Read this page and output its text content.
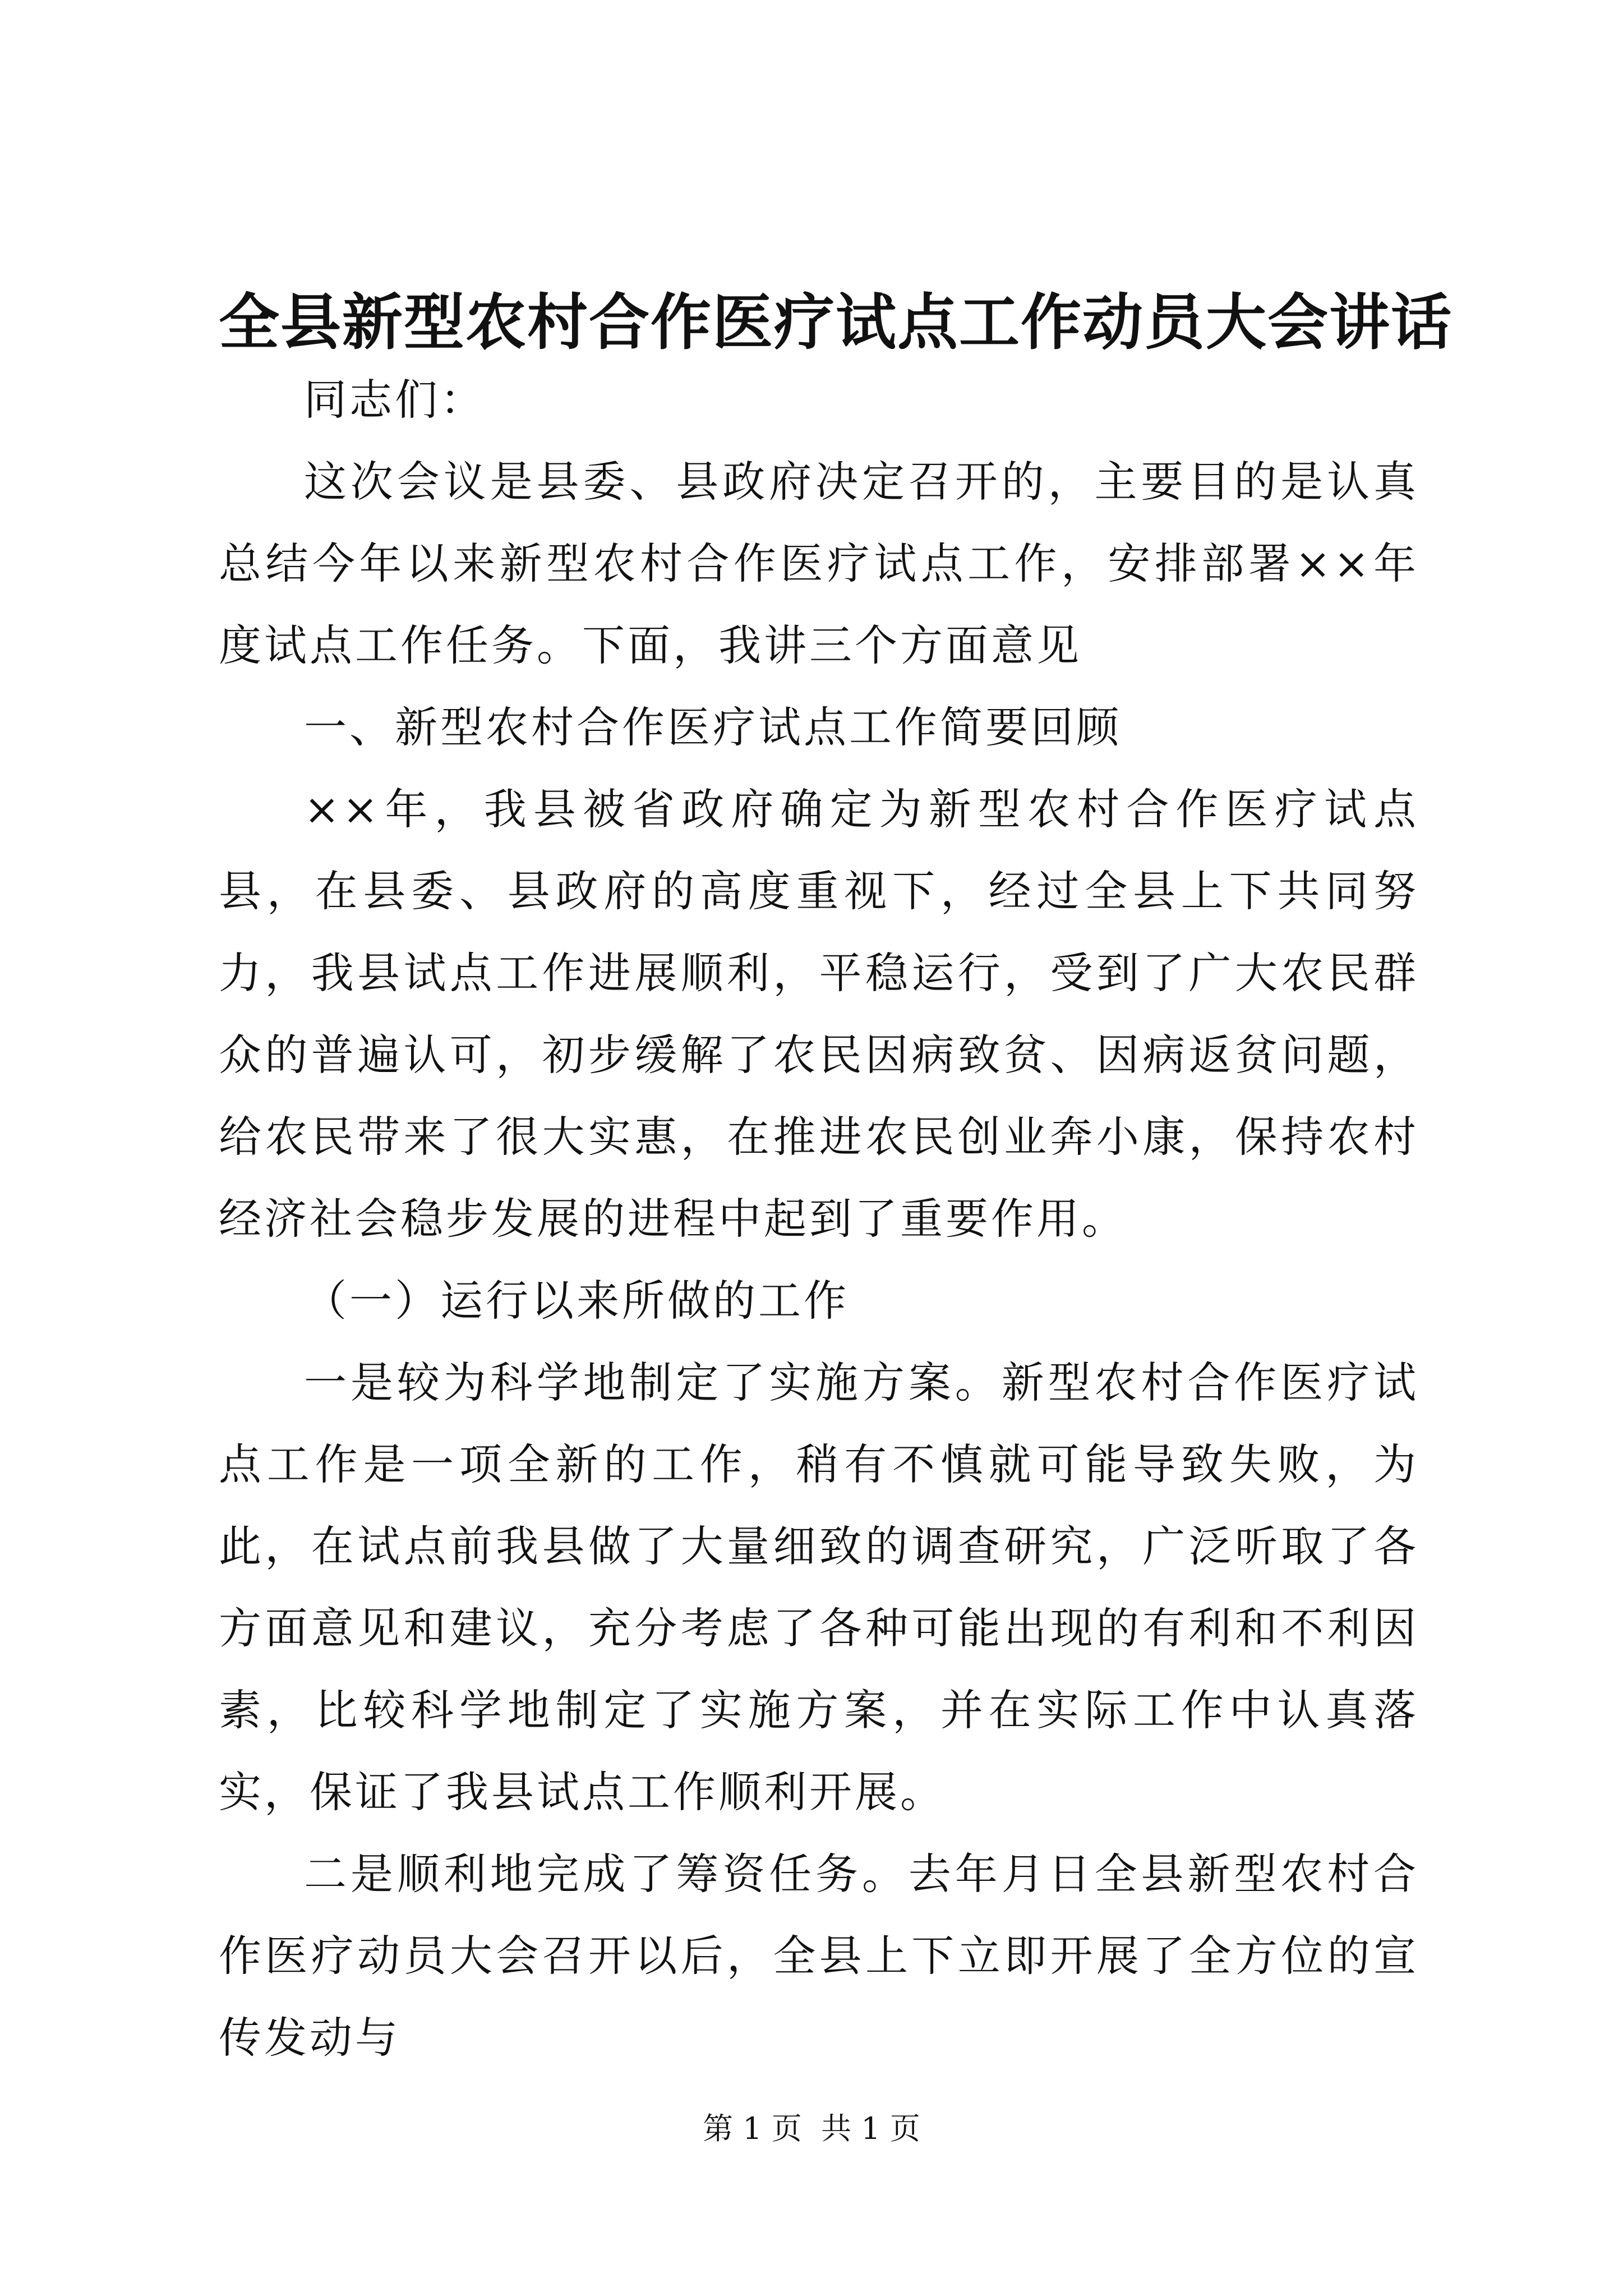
全县新型农村合作医疗试点工作动员大会讲话

同志们：

这次会议是县委、县政府决定召开的，主要目的是认真总结今年以来新型农村合作医疗试点工作，安排部署××年度试点工作任务。下面，我讲三个方面意见

一、新型农村合作医疗试点工作简要回顾

××年，我县被省政府确定为新型农村合作医疗试点县，在县委、县政府的高度重视下，经过全县上下共同努力，我县试点工作进展顺利，平稳运行，受到了广大农民群众的普遍认可，初步缓解了农民因病致贫、因病返贫问题，给农民带来了很大实惠，在推进农民创业奔小康，保持农村经济社会稳步发展的进程中起到了重要作用。

（一）运行以来所做的工作

一是较为科学地制定了实施方案。新型农村合作医疗试点工作是一项全新的工作，稍有不慎就可能导致失败，为此，在试点前我县做了大量细致的调查研究，广泛听取了各方面意见和建议，充分考虑了各种可能出现的有利和不利因素，比较科学地制定了实施方案，并在实际工作中认真落实，保证了我县试点工作顺利开展。

二是顺利地完成了筹资任务。去年月日全县新型农村合作医疗动员大会召开以后，全县上下立即开展了全方位的宣传发动与

第 1 页  共 1 页
